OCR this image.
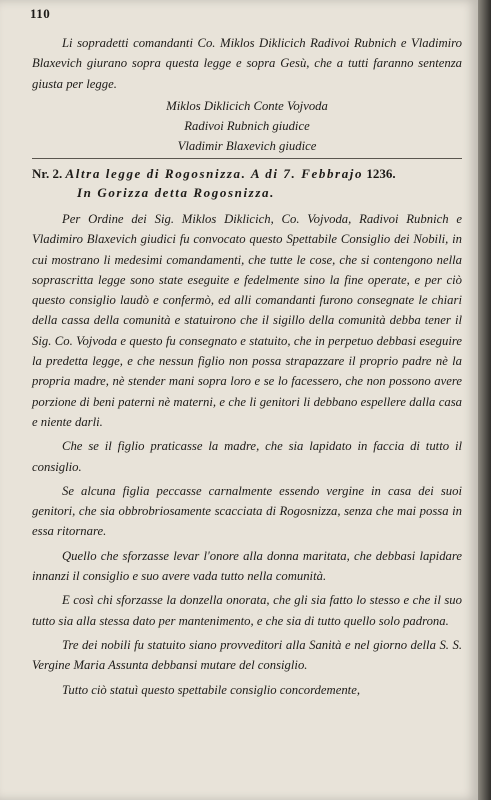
110

Li sopradetti comandanti Co. Miklos Diklicich Radivoi Rubnich e Vladimiro Blaxevich giurano sopra questa legge e sopra Gesù, che a tutti faranno sentenza giusta per legge.

Miklos Diklicich Conte Vojvoda
Radivoi Rubnich giudice
Vladimir Blaxevich giudice
Nr. 2. Altra legge di Rogosnizza. A di 7. Febbrajo 1236.
In Gorizza detta Rogosnizza.

Per Ordine dei Sig. Miklos Diklicich, Co. Vojvoda, Radivoi Rubnich e Vladimiro Blaxevich giudici fu convocato questo Spettabile Consiglio dei Nobili, in cui mostrano li medesimi comandamenti, che tutte le cose, che si contengono nella soprascritta legge sono state eseguite e fedelmente sino la fine operate, e per ciò questo consiglio laudò e confermò, ed alli comandanti furono consegnate le chiari della cassa della comunità e statuirono che il sigillo della comunità debba tener il Sig. Co. Vojvoda e questo fu consegnato e statuito, che in perpetuo debbasi eseguire la predetta legge, e che nessun figlio non possa strapazzare il proprio padre nè la propria madre, nè stender mani sopra loro e se lo facessero, che non possono avere porzione di beni paterni nè materni, e che li genitori li debbano espellere dalla casa e niente darli.

Che se il figlio praticasse la madre, che sia lapidato in faccia di tutto il consiglio.

Se alcuna figlia peccasse carnalmente essendo vergine in casa dei suoi genitori, che sia obbrobriosamente scacciata di Rogosnizza, senza che mai possa in essa ritornare.

Quello che sforzasse levar l'onore alla donna maritata, che debbasi lapidare innanzi il consiglio e suo avere vada tutto nella comunità.

E così chi sforzasse la donzella onorata, che gli sia fatto lo stesso e che il suo tutto sia alla stessa dato per mantenimento, e che sia di tutto quello solo padrona.

Tre dei nobili fu statuito siano provveditori alla Sanità e nel giorno della S. S. Vergine Maria Assunta debbansi mutare del consiglio.

Tutto ciò statuì questo spettabile consiglio concordemente,
